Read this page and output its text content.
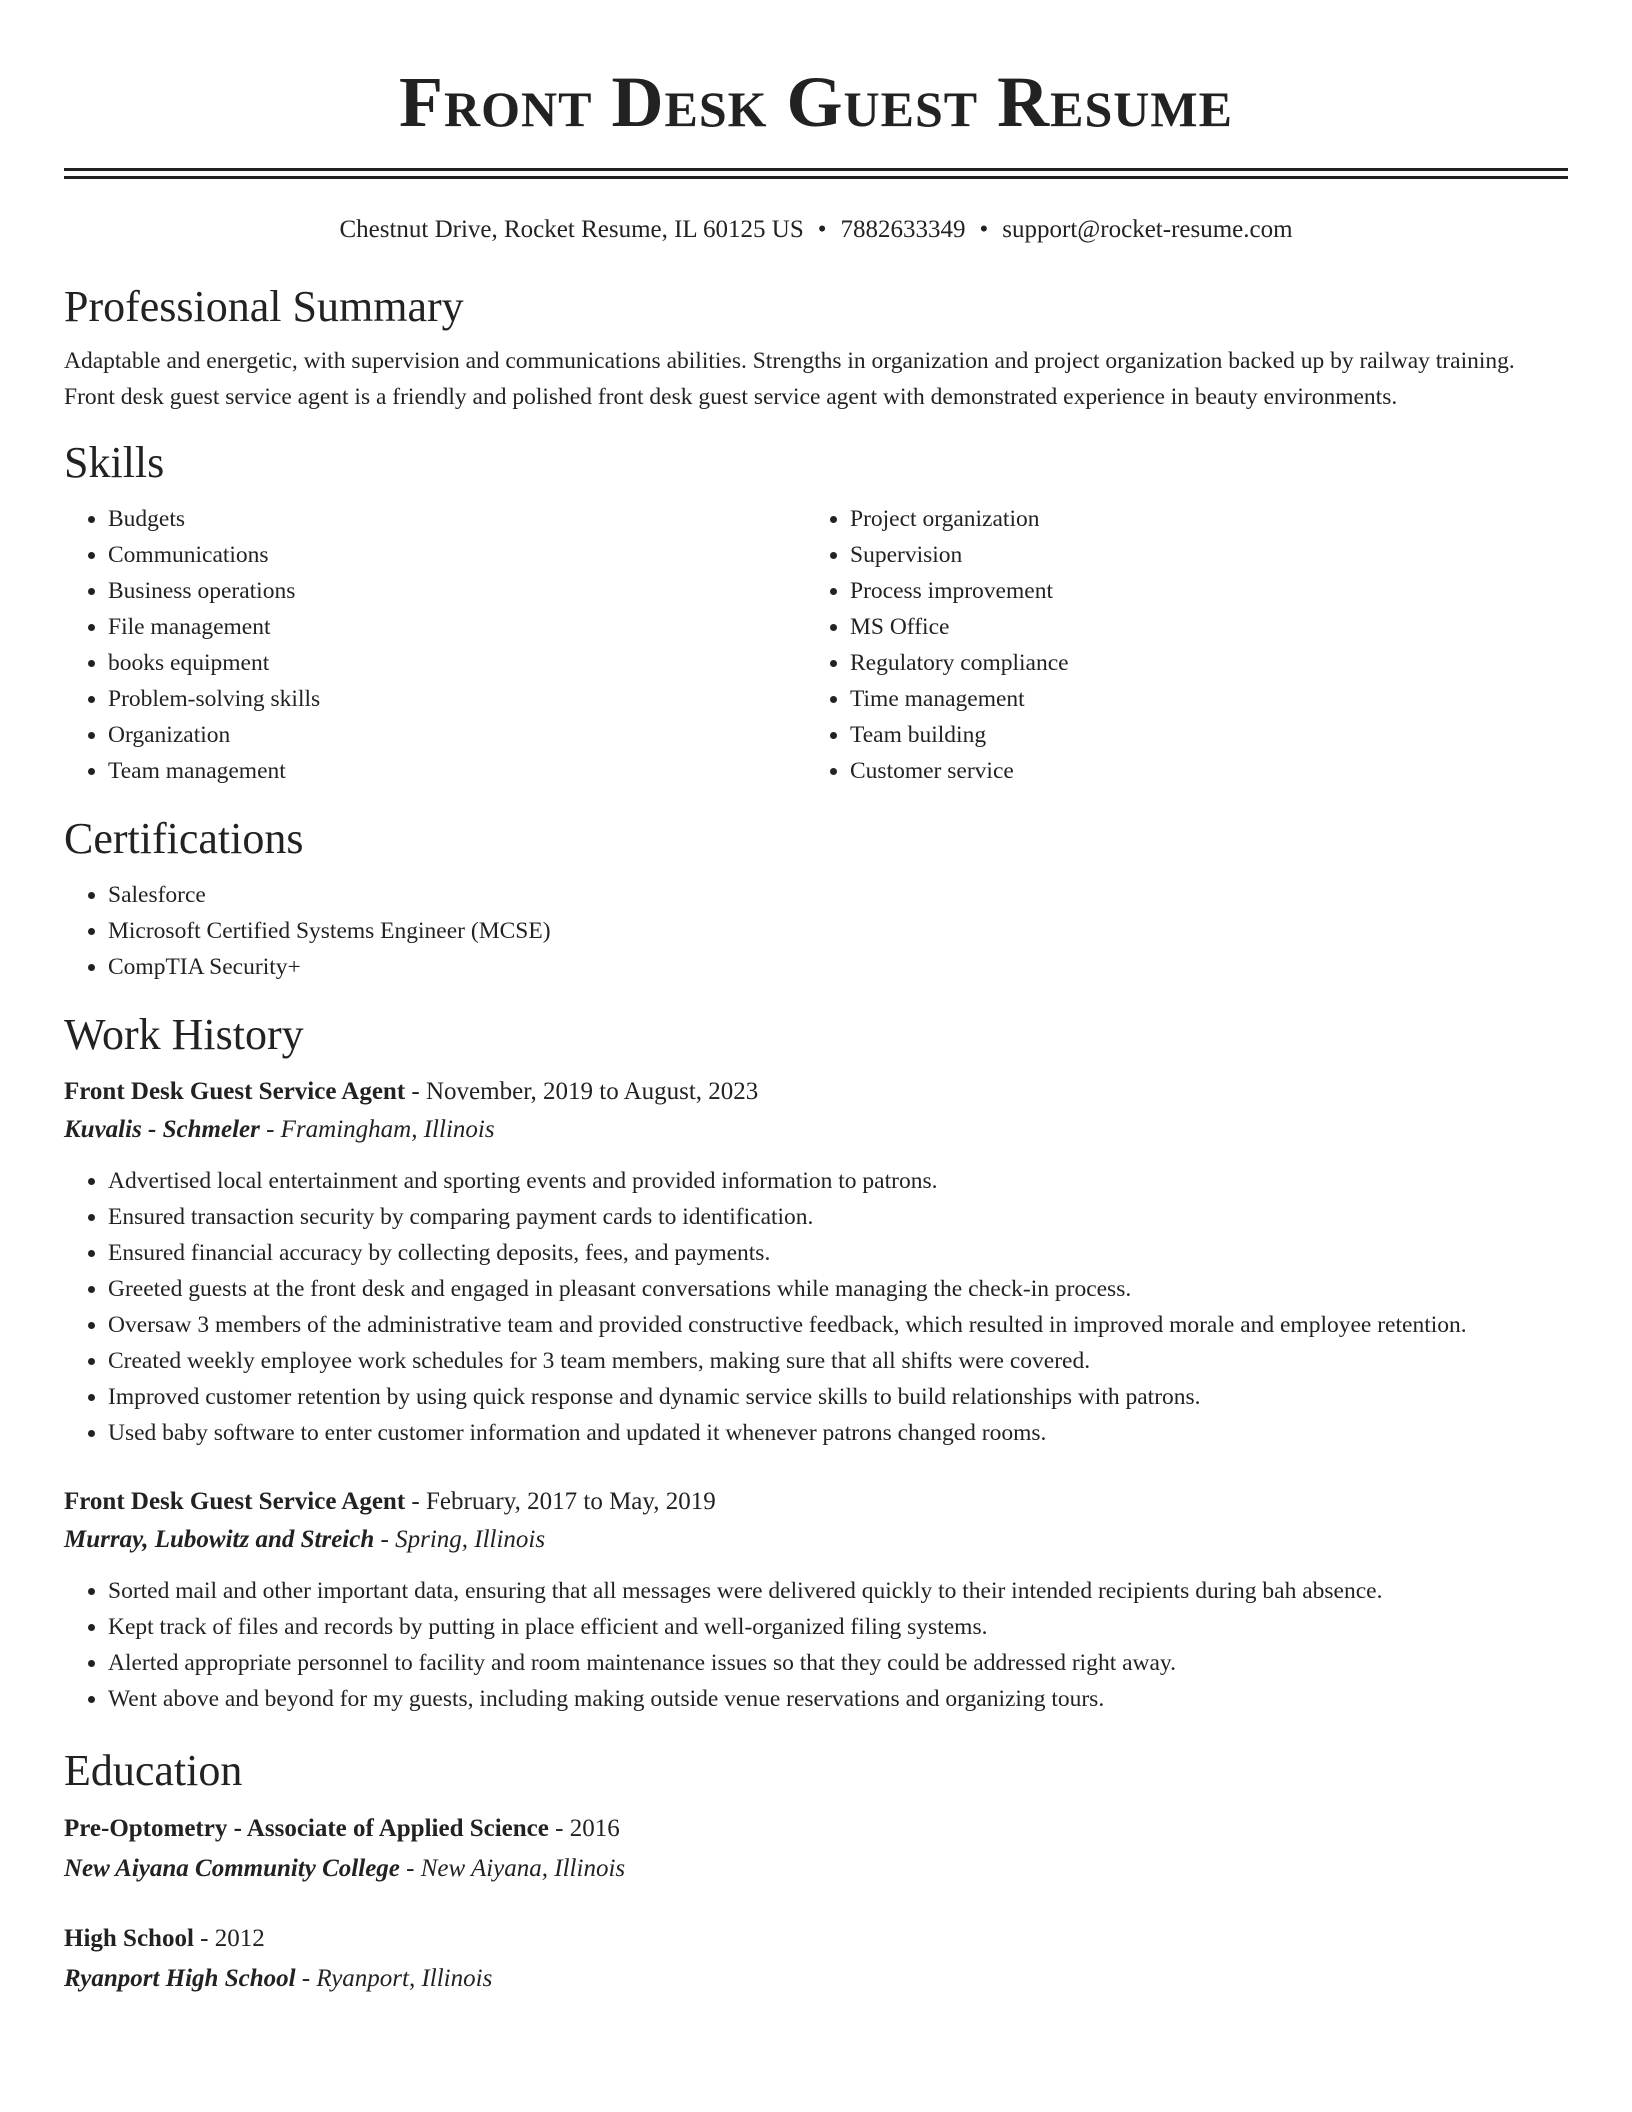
Front Desk Guest Resume
Chestnut Drive, Rocket Resume, IL 60125 US • 7882633349 • support@rocket-resume.com
Professional Summary

Adaptable and energetic, with supervision and communications abilities. Strengths in organization and project organization backed up by railway training. Front desk guest service agent is a friendly and polished front desk guest service agent with demonstrated experience in beauty environments.

Skills
• Budgets
• Communications
• Business operations
• File management
• books equipment
• Problem-solving skills
• Organization
• Team management
• Project organization
• Supervision
• Process improvement
• MS Office
• Regulatory compliance
• Time management
• Team building
• Customer service
Certifications
• Salesforce
• Microsoft Certified Systems Engineer (MCSE)
• CompTIA Security+
Work History
Front Desk Guest Service Agent - November, 2019 to August, 2023
Kuvalis - Schmeler - Framingham, Illinois
• Advertised local entertainment and sporting events and provided information to patrons.
• Ensured transaction security by comparing payment cards to identification.
• Ensured financial accuracy by collecting deposits, fees, and payments.
• Greeted guests at the front desk and engaged in pleasant conversations while managing the check-in process.
• Oversaw 3 members of the administrative team and provided constructive feedback, which resulted in improved morale and employee retention.
• Created weekly employee work schedules for 3 team members, making sure that all shifts were covered.
• Improved customer retention by using quick response and dynamic service skills to build relationships with patrons.
• Used baby software to enter customer information and updated it whenever patrons changed rooms.
Front Desk Guest Service Agent - February, 2017 to May, 2019
Murray, Lubowitz and Streich - Spring, Illinois
• Sorted mail and other important data, ensuring that all messages were delivered quickly to their intended recipients during bah absence.
• Kept track of files and records by putting in place efficient and well-organized filing systems.
• Alerted appropriate personnel to facility and room maintenance issues so that they could be addressed right away.
• Went above and beyond for my guests, including making outside venue reservations and organizing tours.
Education
Pre-Optometry - Associate of Applied Science - 2016
New Aiyana Community College - New Aiyana, Illinois
High School - 2012
Ryanport High School - Ryanport, Illinois
